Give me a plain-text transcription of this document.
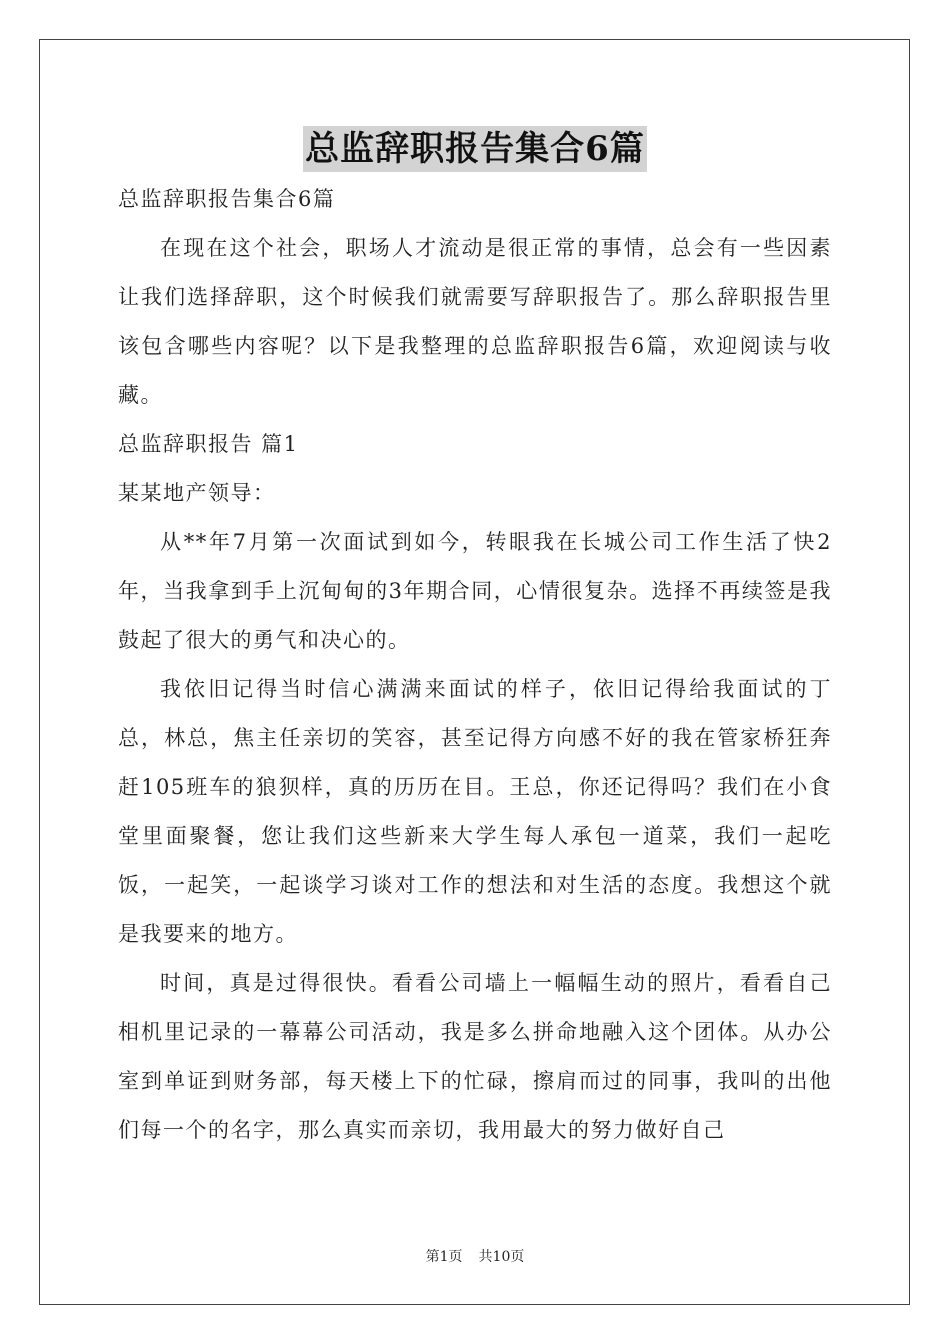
总监辞职报告集合6篇

总监辞职报告集合6篇

在现在这个社会，职场人才流动是很正常的事情，总会有一些因素让我们选择辞职，这个时候我们就需要写辞职报告了。那么辞职报告里该包含哪些内容呢？以下是我整理的总监辞职报告6篇，欢迎阅读与收藏。

总监辞职报告 篇1

某某地产领导：

从**年7月第一次面试到如今，转眼我在长城公司工作生活了快2年，当我拿到手上沉甸甸的3年期合同，心情很复杂。选择不再续签是我鼓起了很大的勇气和决心的。

我依旧记得当时信心满满来面试的样子，依旧记得给我面试的丁总，林总，焦主任亲切的笑容，甚至记得方向感不好的我在管家桥狂奔赶105班车的狼狈样，真的历历在目。王总，你还记得吗？我们在小食堂里面聚餐，您让我们这些新来大学生每人承包一道菜，我们一起吃饭，一起笑，一起谈学习谈对工作的想法和对生活的态度。我想这个就是我要来的地方。

时间，真是过得很快。看看公司墙上一幅幅生动的照片，看看自己相机里记录的一幕幕公司活动，我是多么拼命地融入这个团体。从办公室到单证到财务部，每天楼上下的忙碌，擦肩而过的同事，我叫的出他们每一个的名字，那么真实而亲切，我用最大的努力做好自己

第1页 共10页
